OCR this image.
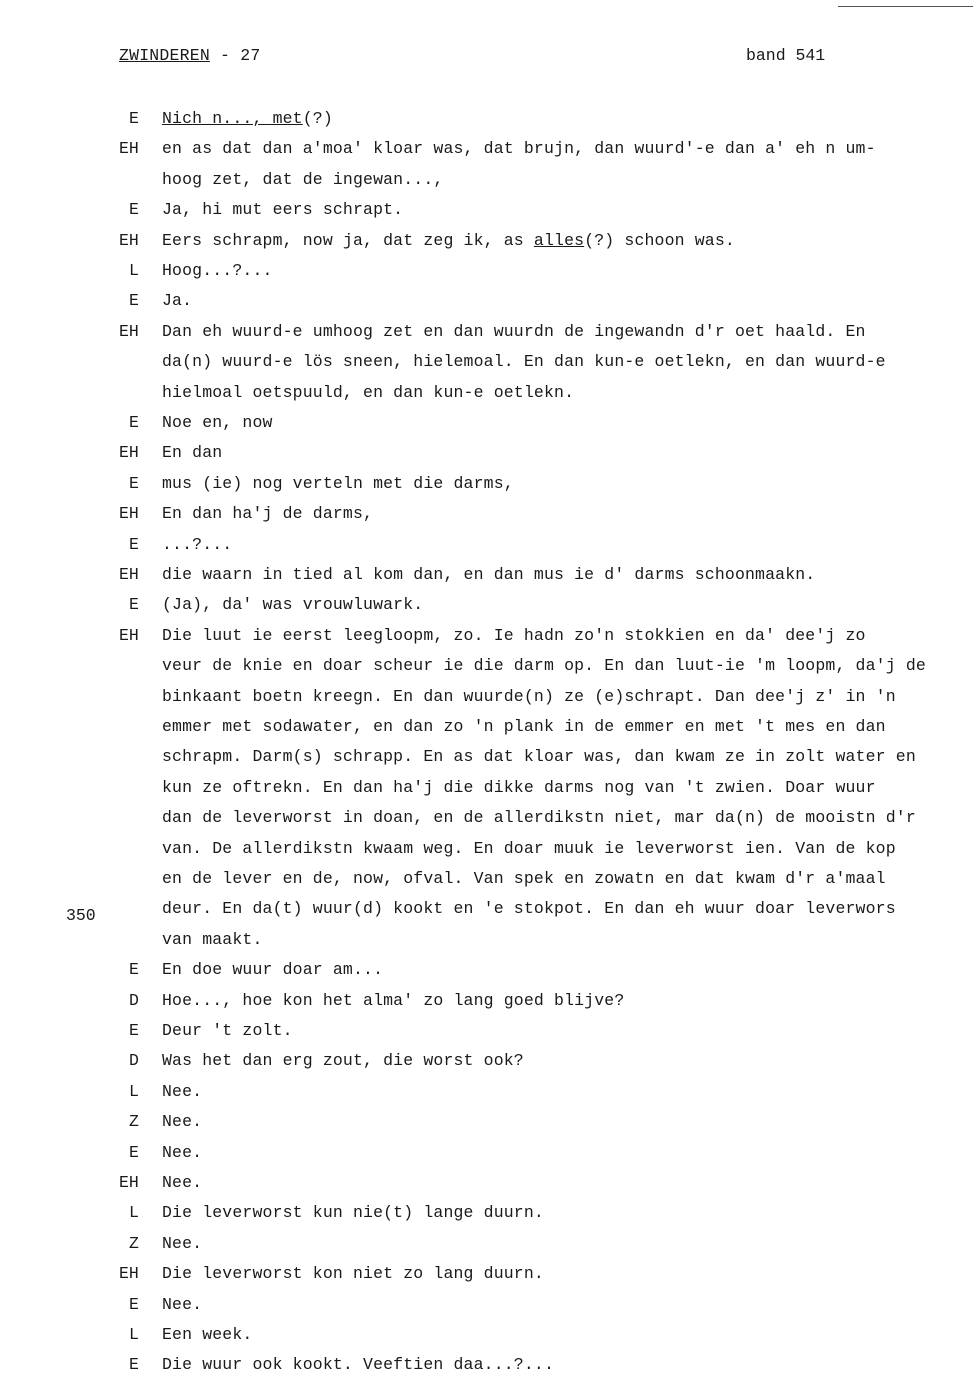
ZWINDEREN - 27	band 541
350
E	Nich n..., met(?)
EH	en as dat dan a'moa' kloar was, dat brujn, dan wuurd'-e dan a' eh n um-
hoog zet, dat de ingewan...,
E	Ja, hi mut eers schrapt.
EH	Eers schrapm, now ja, dat zeg ik, as alles(?) schoon was.
L	Hoog...?...
E	Ja.
EH	Dan eh wuurd-e umhoog zet en dan wuurdn de ingewandn d'r oet haald. En
da(n) wuurd-e lös sneen, hielemoal. En dan kun-e oetlekn, en dan wuurd-e
hielmoal oetspuuld, en dan kun-e oetlekn.
E	Noe en, now
EH	En dan
E	mus (ie) nog verteln met die darms,
EH	En dan ha'j de darms,
E	...?...
EH	die waarn in tied al kom dan, en dan mus ie d' darms schoonmaakn.
E	(Ja), da' was vrouwluwark.
EH	Die luut ie eerst leegloopm, zo. Ie hadn zo'n stokkien en da' dee'j zo
veur de knie en doar scheur ie die darm op. En dan luut-ie 'm loopm, da'j de
binkaant boetn kreegn. En dan wuurde(n) ze (e)schrapt. Dan dee'j z' in 'n
emmer met sodawater, en dan zo 'n plank in de emmer en met 't mes en dan
schrapm. Darm(s) schrapp. En as dat kloar was, dan kwam ze in zolt water en
kun ze oftrekn. En dan ha'j die dikke darms nog van 't zwien. Doar wuur
dan de leverworst in doan, en de allerdikstn niet, mar da(n) de mooistn d'r
van. De allerdikstn kwaam weg. En doar muuk ie leverworst ien. Van de kop
en de lever en de, now, ofval. Van spek en zowatn en dat kwam d'r a'maal
deur. En da(t) wuur(d) kookt en 'e stokpot. En dan eh wuur doar leverwors
van maakt.
E	En doe wuur doar am...
D	Hoe..., hoe kon het alma' zo lang goed blijve?
E	Deur 't zolt.
D	Was het dan erg zout, die worst ook?
L	Nee.
Z	Nee.
E	Nee.
EH	Nee.
L	Die leverworst kun nie(t) lange duurn.
Z	Nee.
EH	Die leverworst kon niet zo lang duurn.
E	Nee.
L	Een week.
E	Die wuur ook kookt. Veeftien daa...?...
